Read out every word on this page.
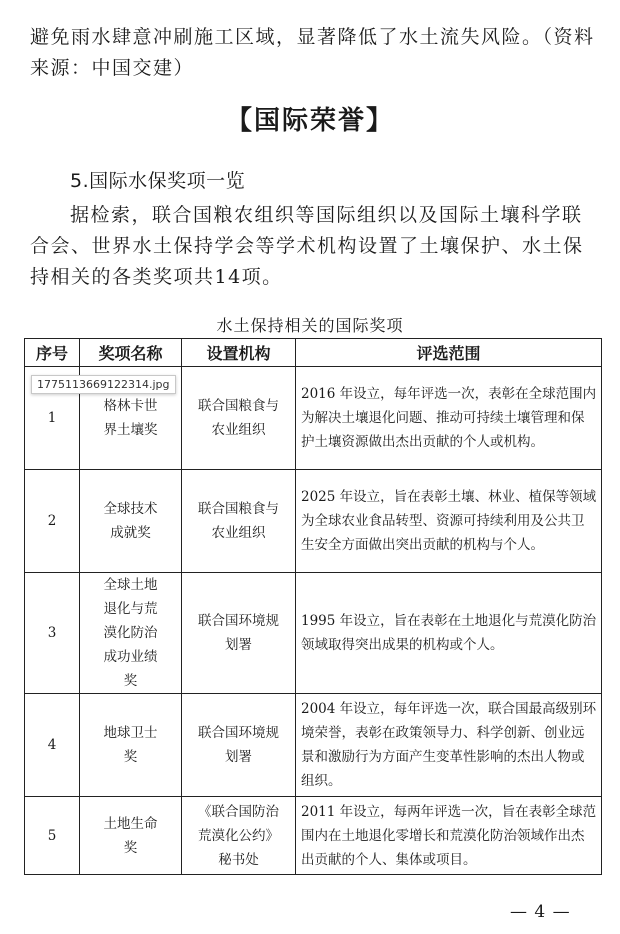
避免雨水肆意冲刷施工区域，显著降低了水土流失风险。（资料来源：中国交建）

【国际荣誉】
5.国际水保奖项一览

据检索，联合国粮农组织等国际组织以及国际土壤科学联合会、世界水土保持学会等学术机构设置了土壤保护、水土保持相关的各类奖项共14项。

水土保持相关的国际奖项
序号	奖项名称	设置机构	评选范围
1	格林卡世界土壤奖	联合国粮食与农业组织	2016 年设立，每年评选一次，表彰在全球范围内为解决土壤退化问题、推动可持续土壤管理和保护土壤资源做出杰出贡献的个人或机构。
2	全球技术成就奖	联合国粮食与农业组织	2025 年设立，旨在表彰土壤、林业、植保等领域为全球农业食品转型、资源可持续利用及公共卫生安全方面做出突出贡献的机构与个人。
3	全球土地退化与荒漠化防治成功业绩奖	联合国环境规划署	1995 年设立，旨在表彰在土地退化与荒漠化防治领域取得突出成果的机构或个人。
4	地球卫士奖	联合国环境规划署	2004 年设立，每年评选一次，联合国最高级别环境荣誉，表彰在政策领导力、科学创新、创业远景和激励行为方面产生变革性影响的杰出人物或组织。
5	土地生命奖	《联合国防治荒漠化公约》秘书处	2011 年设立，每两年评选一次，旨在表彰全球范围内在土地退化零增长和荒漠化防治领域作出杰出贡献的个人、集体或项目。
1775113669122314.jpg
— 4 —
